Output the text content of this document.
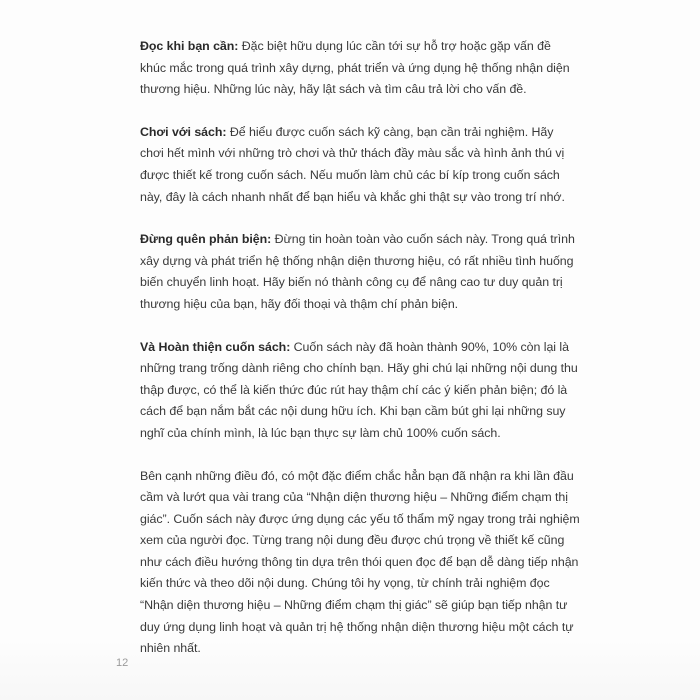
Đọc khi bạn cần: Đặc biệt hữu dụng lúc cần tới sự hỗ trợ hoặc gặp vấn đề khúc mắc trong quá trình xây dựng, phát triển và ứng dụng hệ thống nhận diện thương hiệu. Những lúc này, hãy lật sách và tìm câu trả lời cho vấn đề.

Chơi với sách: Để hiểu được cuốn sách kỹ càng, bạn cần trải nghiệm. Hãy chơi hết mình với những trò chơi và thử thách đầy màu sắc và hình ảnh thú vị được thiết kế trong cuốn sách. Nếu muốn làm chủ các bí kíp trong cuốn sách này, đây là cách nhanh nhất để bạn hiểu và khắc ghi thật sự vào trong trí nhớ.

Đừng quên phản biện: Đừng tin hoàn toàn vào cuốn sách này. Trong quá trình xây dựng và phát triển hệ thống nhận diện thương hiệu, có rất nhiều tình huống biến chuyển linh hoạt. Hãy biến nó thành công cụ để nâng cao tư duy quản trị thương hiệu của bạn, hãy đối thoại và thậm chí phản biện.

Và Hoàn thiện cuốn sách: Cuốn sách này đã hoàn thành 90%, 10% còn lại là những trang trống dành riêng cho chính bạn. Hãy ghi chú lại những nội dung thu thập được, có thể là kiến thức đúc rút hay thậm chí các ý kiến phản biện; đó là cách để bạn nắm bắt các nội dung hữu ích. Khi bạn cầm bút ghi lại những suy nghĩ của chính mình, là lúc bạn thực sự làm chủ 100% cuốn sách.

Bên cạnh những điều đó, có một đặc điểm chắc hẳn bạn đã nhận ra khi lần đầu cầm và lướt qua vài trang của “Nhận diện thương hiệu – Những điểm chạm thị giác”. Cuốn sách này được ứng dụng các yếu tố thẩm mỹ ngay trong trải nghiệm xem của người đọc. Từng trang nội dung đều được chú trọng về thiết kế cũng như cách điều hướng thông tin dựa trên thói quen đọc để bạn dễ dàng tiếp nhận kiến thức và theo dõi nội dung. Chúng tôi hy vọng, từ chính trải nghiệm đọc “Nhận diện thương hiệu – Những điểm chạm thị giác” sẽ giúp bạn tiếp nhận tư duy ứng dụng linh hoạt và quản trị hệ thống nhận diện thương hiệu một cách tự nhiên nhất.

12
